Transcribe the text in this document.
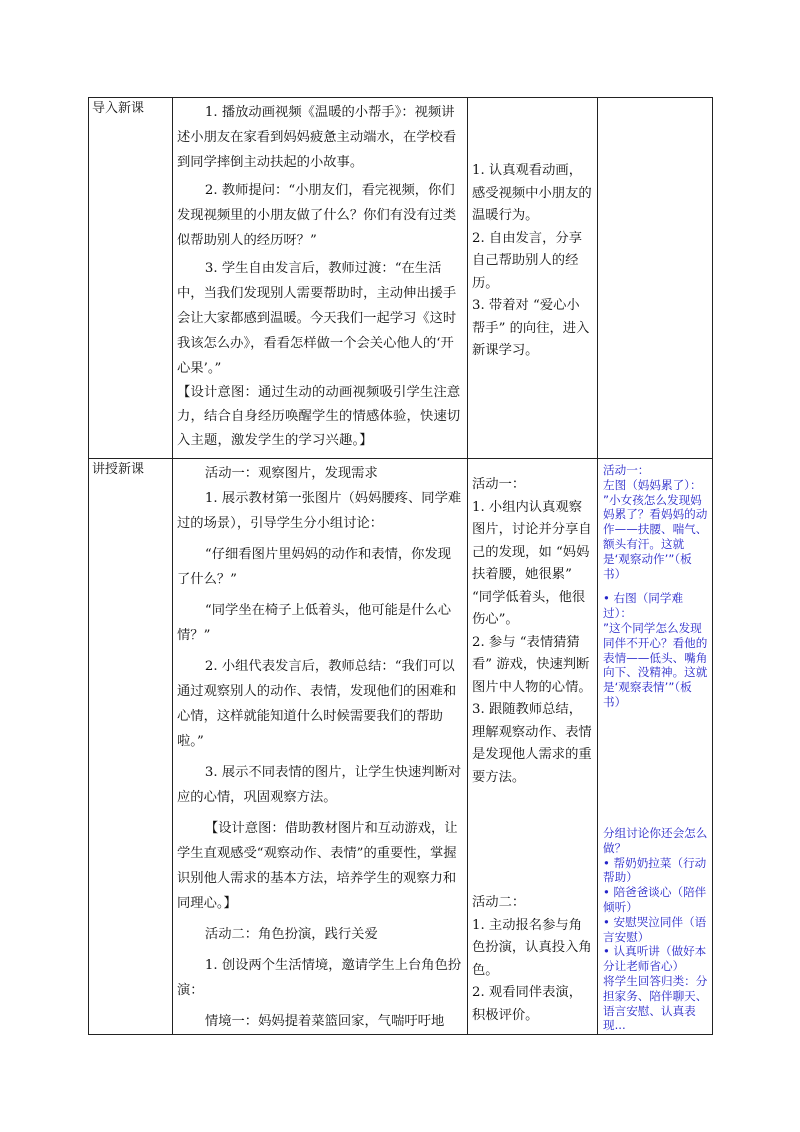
导入新课	1. 播放动画视频《温暖的小帮手》：视频讲述小朋友在家看到妈妈疲惫主动端水，在学校看到同学摔倒主动扶起的小故事。

2. 教师提问：“小朋友们，看完视频，你们发现视频里的小朋友做了什么？你们有没有过类似帮助别人的经历呀？”

3. 学生自由发言后，教师过渡：“在生活中，当我们发现别人需要帮助时，主动伸出援手会让大家都感到温暖。今天我们一起学习《这时我该怎么办》，看看怎样做一个会关心他人的‘开心果’。”

【设计意图：通过生动的动画视频吸引学生注意力，结合自身经历唤醒学生的情感体验，快速切入主题，激发学生的学习兴趣。】

1. 认真观看动画，感受视频中小朋友的温暖行为。

2. 自由发言，分享自己帮助别人的经历。

3. 带着对 “爱心小帮手” 的向往，进入新课学习。

讲授新课	活动一：观察图片，发现需求

1. 展示教材第一张图片（妈妈腰疼、同学难过的场景），引导学生分小组讨论：

“仔细看图片里妈妈的动作和表情，你发现了什么？”

“同学坐在椅子上低着头，他可能是什么心情？”

2. 小组代表发言后，教师总结：“我们可以通过观察别人的动作、表情，发现他们的困难和心情，这样就能知道什么时候需要我们的帮助啦。”

3. 展示不同表情的图片，让学生快速判断对应的心情，巩固观察方法。

【设计意图：借助教材图片和互动游戏，让学生直观感受“观察动作、表情”的重要性，掌握识别他人需求的基本方法，培养学生的观察力和同理心。】

活动二：角色扮演，践行关爱

1. 创设两个生活情境，邀请学生上台角色扮演：

情境一：妈妈提着菜篮回家，气喘吁吁地

活动一：

1. 小组内认真观察图片，讨论并分享自己的发现，如 “妈妈扶着腰，她很累” “同学低着头，他很伤心”。

2. 参与 “表情猜猜看” 游戏，快速判断图片中人物的心情。

3. 跟随教师总结，理解观察动作、表情是发现他人需求的重要方法。

活动二：

1. 主动报名参与角色扮演，认真投入角色。

2. 观看同伴表演，积极评价。

活动一：

左图（妈妈累了）：

”小女孩怎么发现妈妈累了？看妈妈的动作——扶腰、喘气、额头有汗。这就是‘观察动作’”（板书）

• 右图（同学难过）：

”这个同学怎么发现同伴不开心？看他的表情——低头、嘴角向下、没精神。这就是‘观察表情’”（板书）

分组讨论你还会怎么做？

• 帮奶奶拉菜（行动帮助）

• 陪爸爸谈心（陪伴倾听）

• 安慰哭泣同伴（语言安慰）

• 认真听讲（做好本分让老师省心）

将学生回答归类：分担家务、陪伴聊天、语言安慰、认真表现...
